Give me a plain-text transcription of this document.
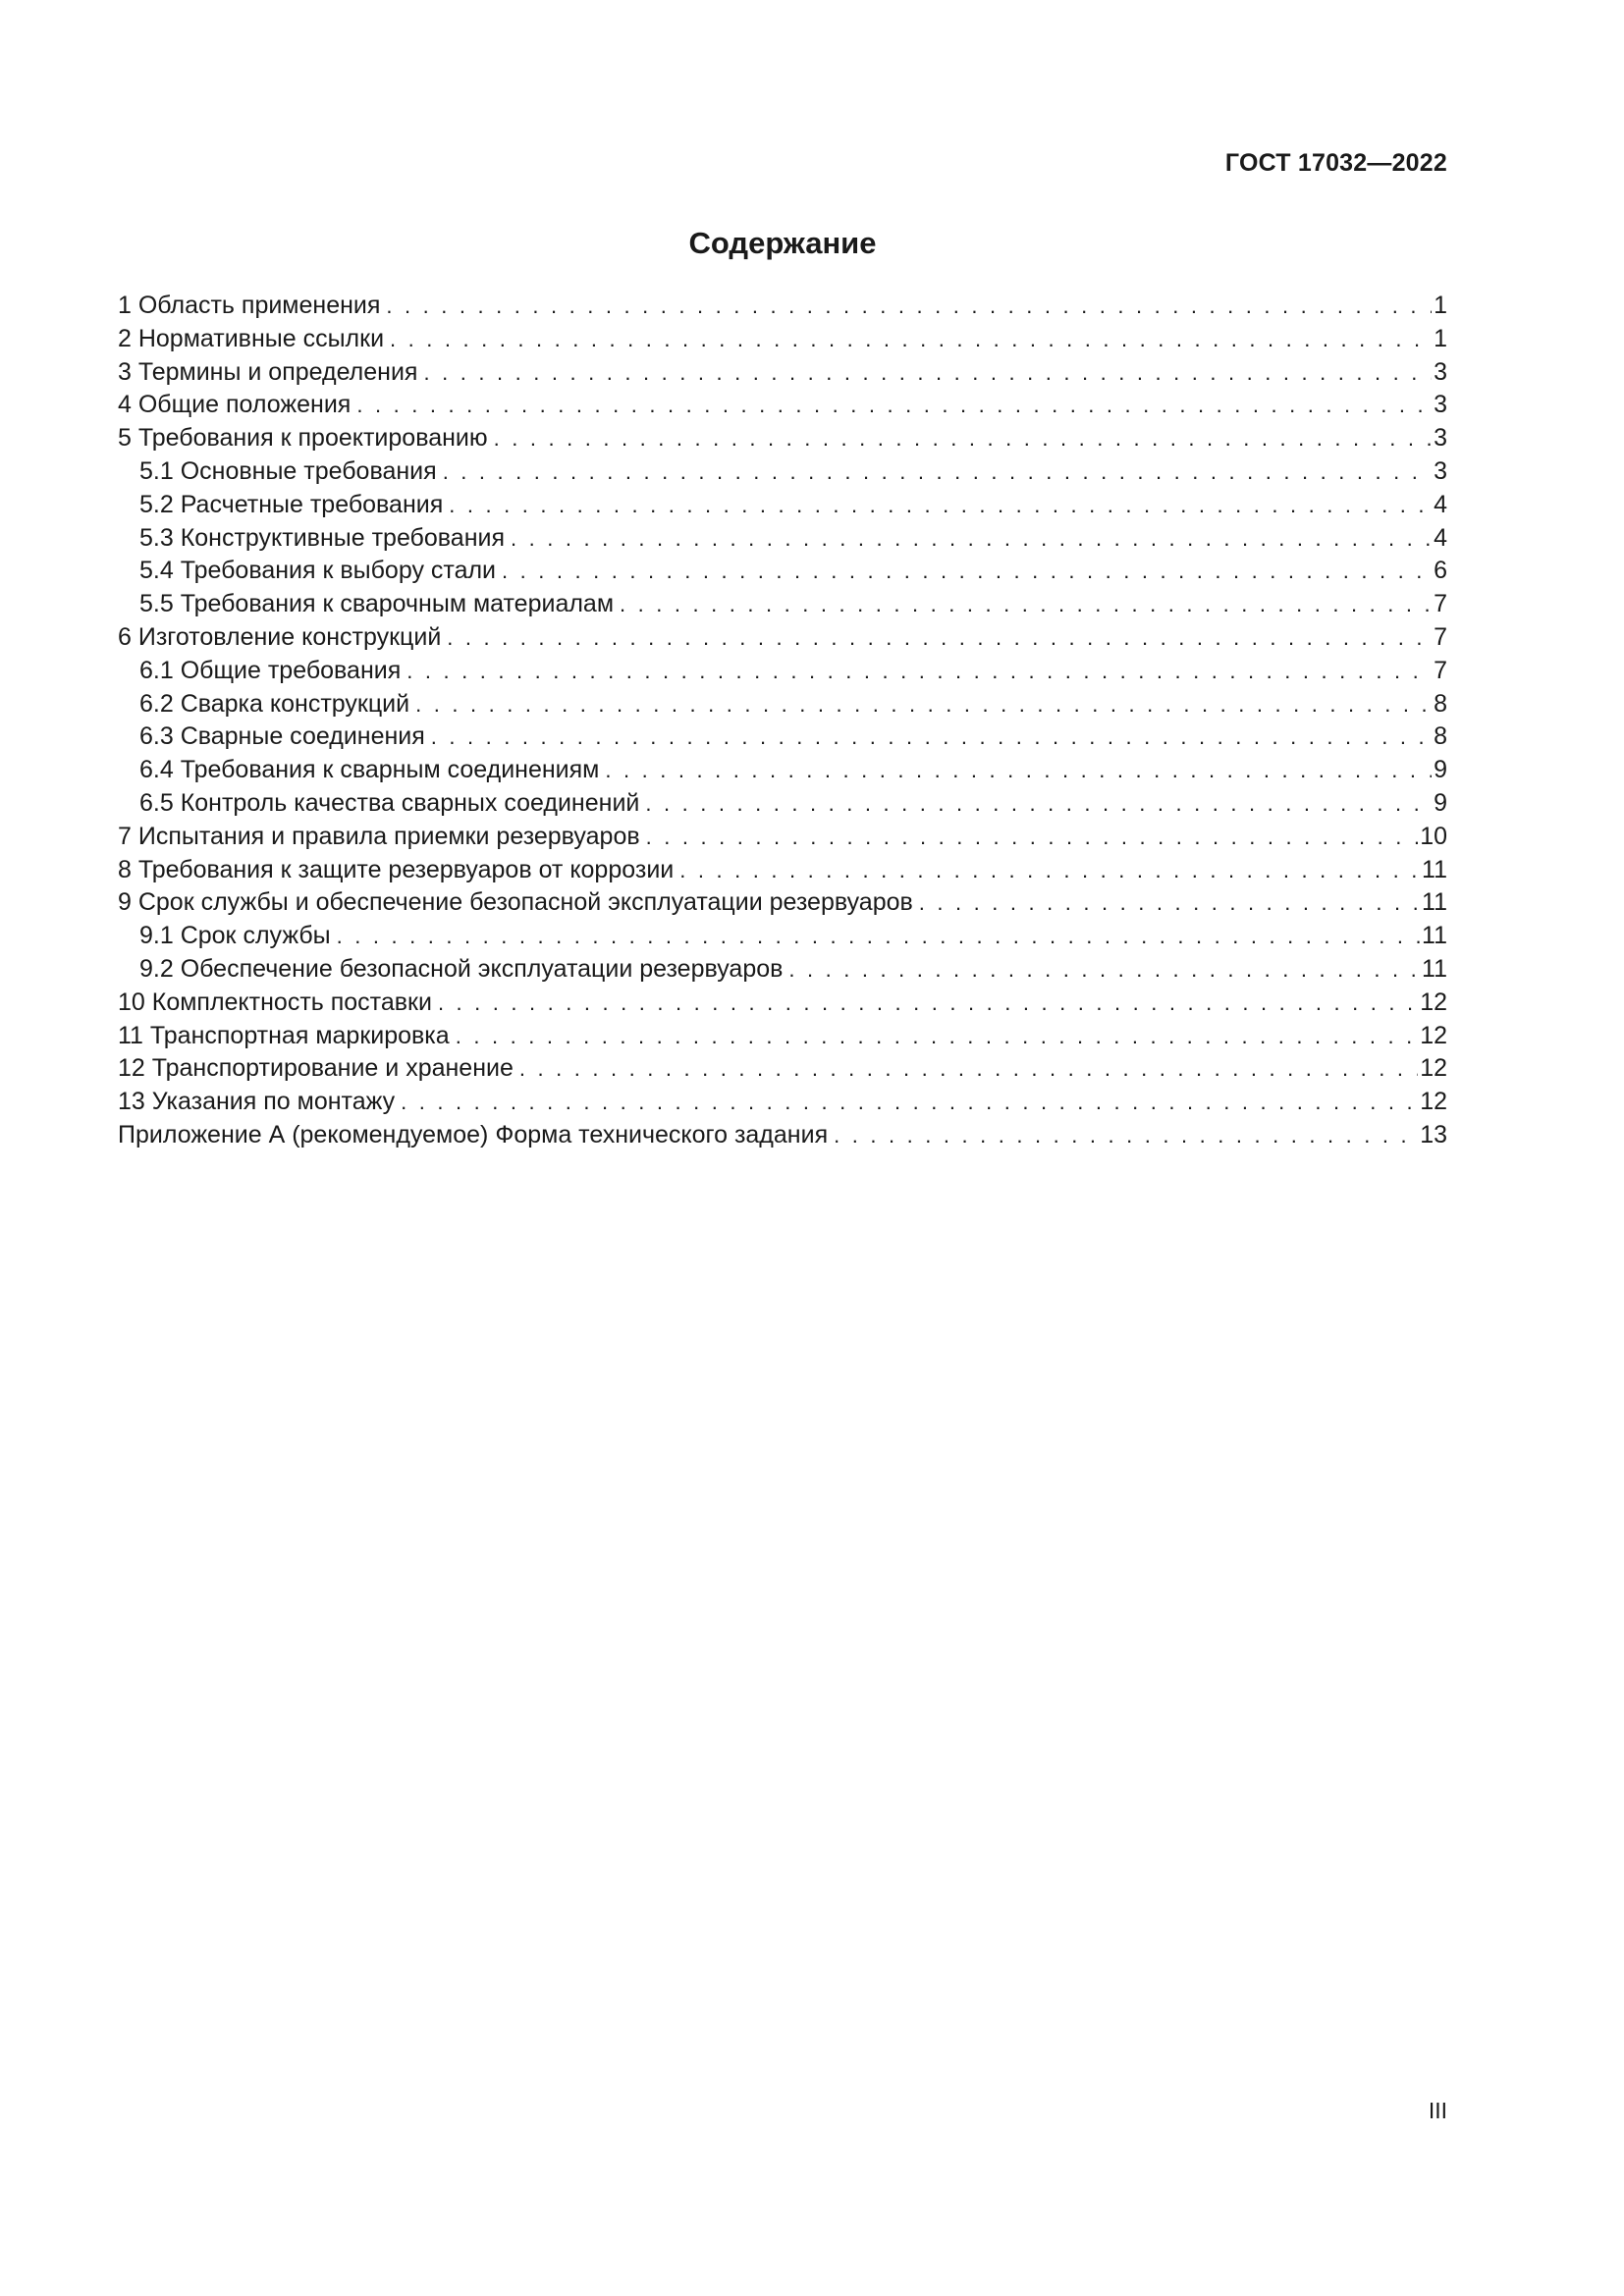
ГОСТ 17032—2022
Содержание
1 Область применения . . .	1
2 Нормативные ссылки . . .	1
3 Термины и определения . . .	3
4 Общие положения . . .	3
5 Требования к проектированию . . .	3
5.1 Основные требования . . .	3
5.2 Расчетные требования . . .	4
5.3 Конструктивные требования . . .	4
5.4 Требования к выбору стали . . .	6
5.5 Требования к сварочным материалам . . .	7
6 Изготовление конструкций . . .	7
6.1 Общие требования . . .	7
6.2 Сварка конструкций . . .	8
6.3 Сварные соединения . . .	8
6.4 Требования к сварным соединениям . . .	9
6.5 Контроль качества сварных соединений . . .	9
7 Испытания и правила приемки резервуаров . . .	10
8 Требования к защите резервуаров от коррозии . . .	11
9 Срок службы и обеспечение безопасной эксплуатации резервуаров . . .	11
9.1 Срок службы . . .	11
9.2 Обеспечение безопасной эксплуатации резервуаров . . .	11
10 Комплектность поставки . . .	12
11 Транспортная маркировка . . .	12
12 Транспортирование и хранение . . .	12
13 Указания по монтажу . . .	12
Приложение А (рекомендуемое) Форма технического задания . . .	13
III
